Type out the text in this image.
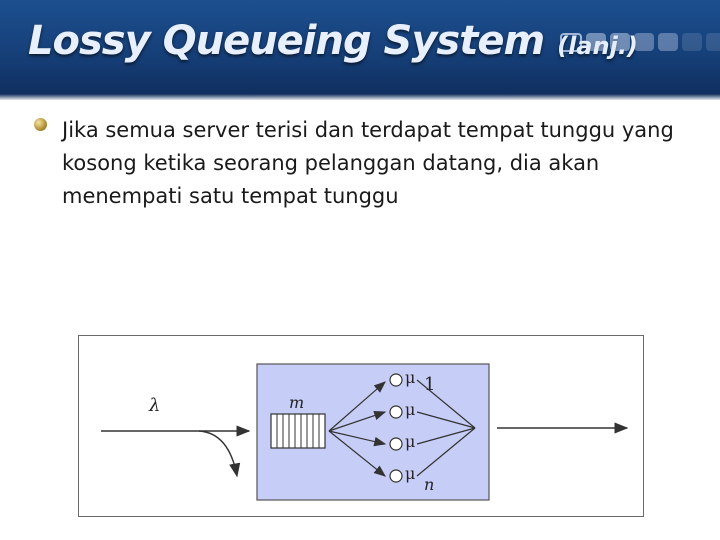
Lossy Queueing System (lanj.)
Jika semua server terisi dan terdapat tempat tunggu yang kosong ketika seorang pelanggan datang, dia akan menempati satu tempat tunggu
λ	m
μ 1
μ
μ
μ
n
